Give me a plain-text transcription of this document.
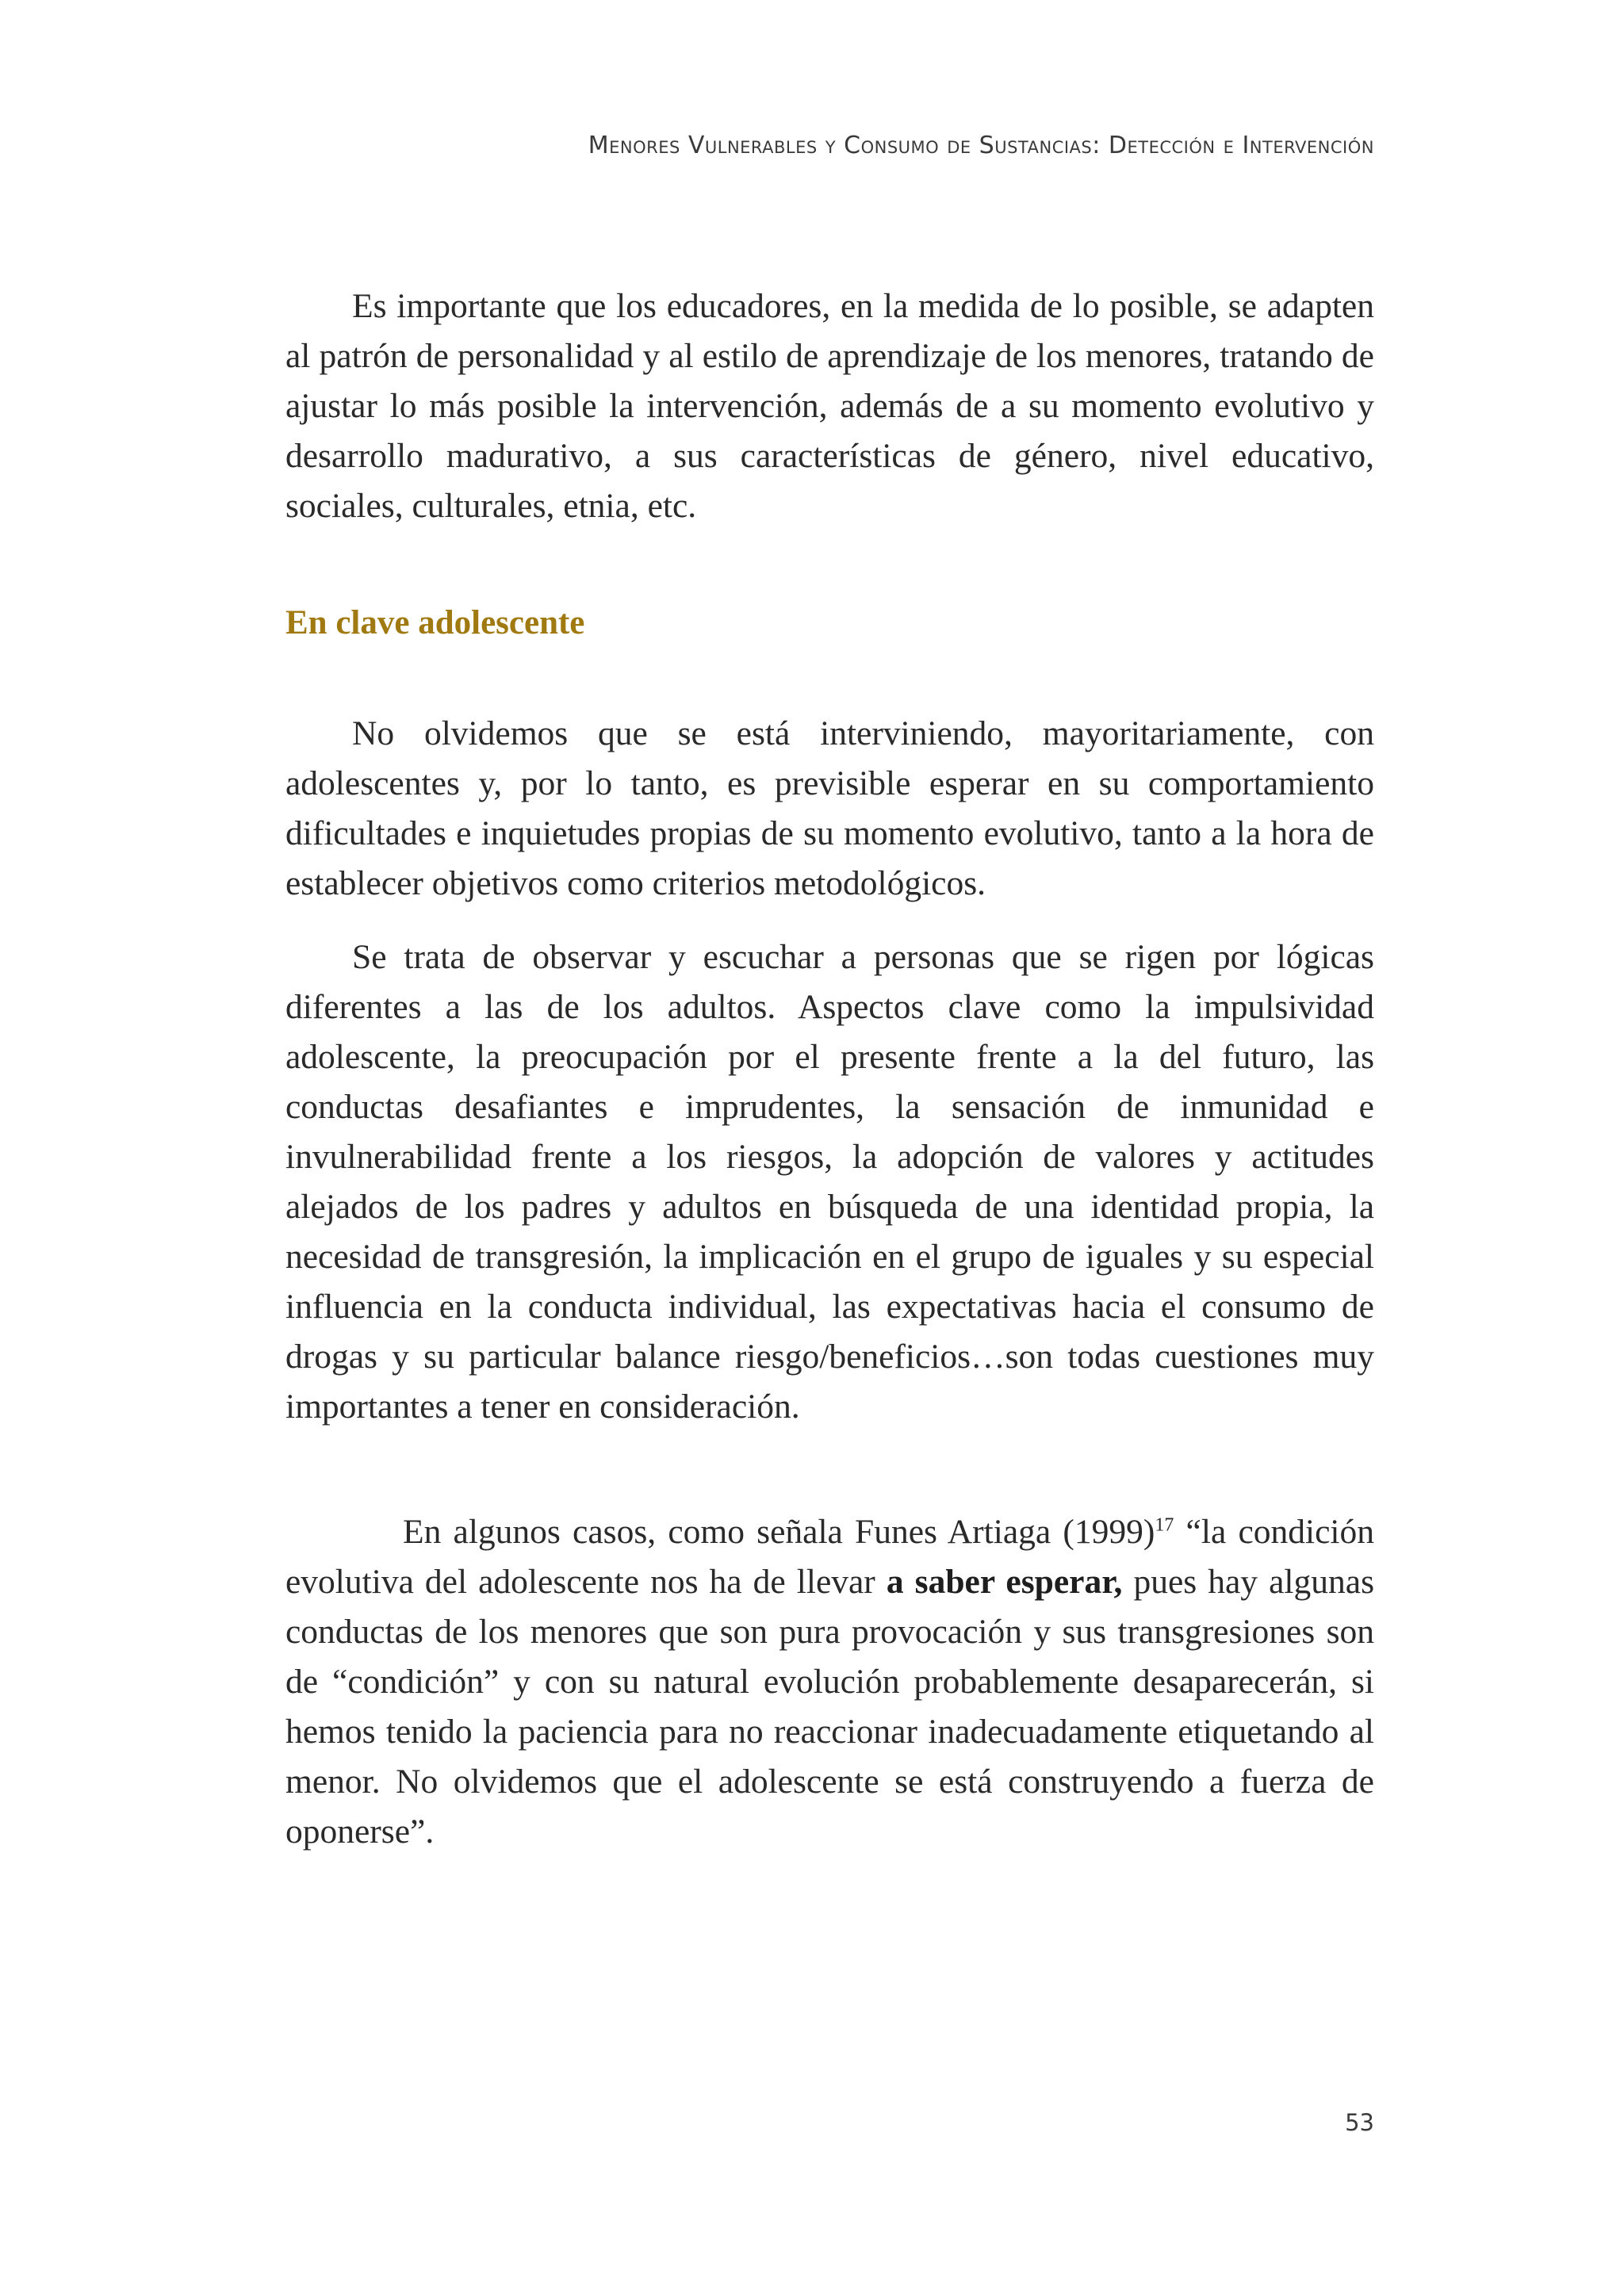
Menores Vulnerables y Consumo de Sustancias: Detección e Intervención

Es importante que los educadores, en la medida de lo posible, se adapten al patrón de personalidad y al estilo de aprendizaje de los menores, tratando de ajustar lo más posible la intervención, además de a su momento evolutivo y desarrollo madurativo, a sus características de género, nivel educativo, sociales, culturales, etnia, etc.

En clave adolescente

No olvidemos que se está interviniendo, mayoritariamente, con adolescentes y, por lo tanto, es previsible esperar en su comportamiento dificultades e inquietudes propias de su momento evolutivo, tanto a la hora de establecer objetivos como criterios metodológicos.

Se trata de observar y escuchar a personas que se rigen por lógicas diferentes a las de los adultos. Aspectos clave como la impulsividad adolescente, la preocupación por el presente frente a la del futuro, las conductas desafiantes e imprudentes, la sensación de inmunidad e invulnerabilidad frente a los riesgos, la adopción de valores y actitudes alejados de los padres y adultos en búsqueda de una identidad propia, la necesidad de transgresión, la implicación en el grupo de iguales y su especial influencia en la conducta individual, las expectativas hacia el consumo de drogas y su particular balance riesgo/beneficios…son todas cuestiones muy importantes a tener en consideración.

En algunos casos, como señala Funes Artiaga $(1999)^{17}$ “la condición evolutiva del adolescente nos ha de llevar a saber esperar, pues hay algunas conductas de los menores que son pura provocación y sus transgresiones son de “condición” y con su natural evolución probablemente desaparecerán, si hemos tenido la paciencia para no reaccionar inadecuadamente etiquetando al menor. No olvidemos que el adolescente se está construyendo a fuerza de oponerse”.

53
